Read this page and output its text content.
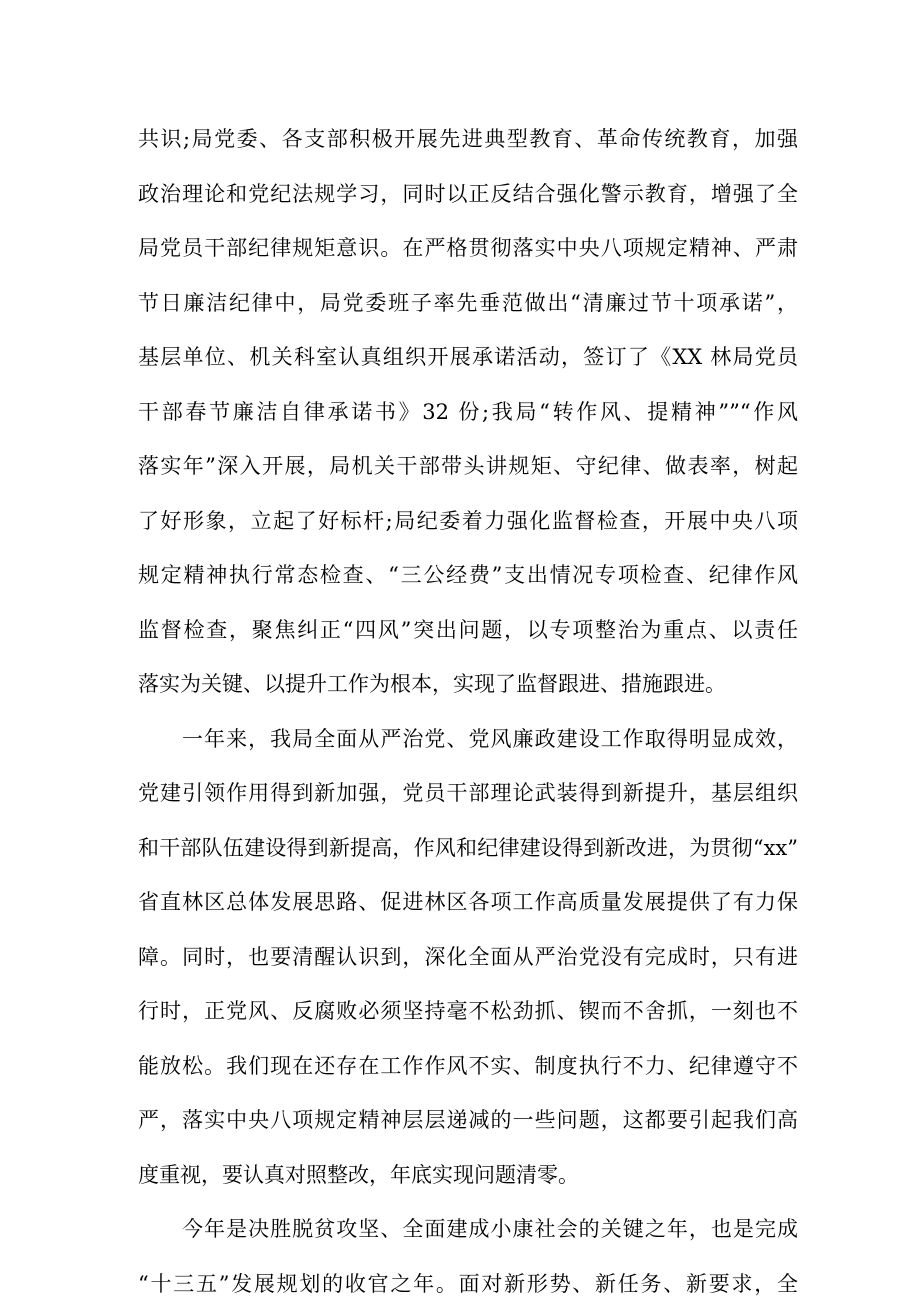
共识;局党委、各支部积极开展先进典型教育、革命传统教育，加强
政治理论和党纪法规学习，同时以正反结合强化警示教育，增强了全
局党员干部纪律规矩意识。在严格贯彻落实中央八项规定精神、严肃
节日廉洁纪律中，局党委班子率先垂范做出“清廉过节十项承诺”，
基层单位、机关科室认真组织开展承诺活动，签订了《XX 林局党员
干部春节廉洁自律承诺书》32 份;我局“转作风、提精神””“作风
落实年”深入开展，局机关干部带头讲规矩、守纪律、做表率，树起
了好形象，立起了好标杆;局纪委着力强化监督检查，开展中央八项
规定精神执行常态检查、“三公经费”支出情况专项检查、纪律作风
监督检查，聚焦纠正“四风”突出问题，以专项整治为重点、以责任
落实为关键、以提升工作为根本，实现了监督跟进、措施跟进。
一年来，我局全面从严治党、党风廉政建设工作取得明显成效，
党建引领作用得到新加强，党员干部理论武装得到新提升，基层组织
和干部队伍建设得到新提高，作风和纪律建设得到新改进，为贯彻“xx”
省直林区总体发展思路、促进林区各项工作高质量发展提供了有力保
障。同时，也要清醒认识到，深化全面从严治党没有完成时，只有进
行时，正党风、反腐败必须坚持毫不松劲抓、锲而不舍抓，一刻也不
能放松。我们现在还存在工作作风不实、制度执行不力、纪律遵守不
严，落实中央八项规定精神层层递减的一些问题，这都要引起我们高
度重视，要认真对照整改，年底实现问题清零。
今年是决胜脱贫攻坚、全面建成小康社会的关键之年，也是完成
“十三五”发展规划的收官之年。面对新形势、新任务、新要求，全
